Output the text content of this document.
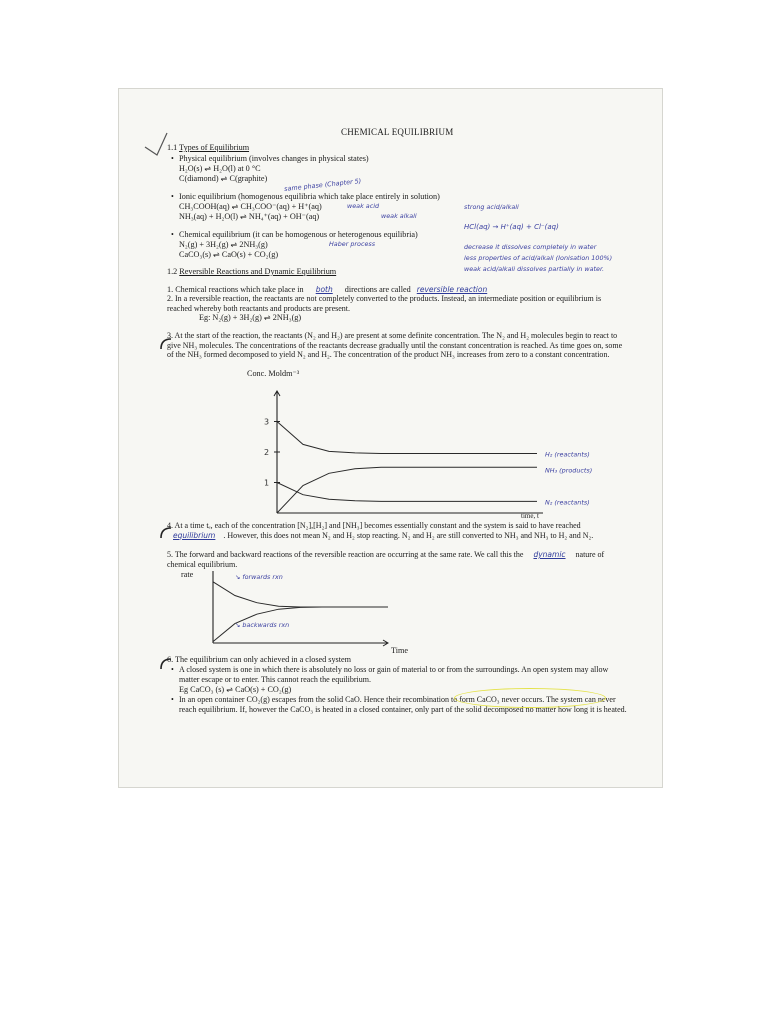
CHEMICAL EQUILIBRIUM
1.1 Types of Equilibrium
• Physical equilibrium (involves changes in physical states)
H₂O(s) ⇌ H₂O(l) at 0 °C
C(diamond) ⇌ C(graphite)	same phase (Chapter 5)
• Ionic equilibrium (homogenous equilibria which take place entirely in solution)
CH₃COOH(aq) ⇌ CH₃COO⁻(aq) + H⁺(aq)	weak acid
NH₃(aq) + H₂O(l) ⇌ NH₄⁺(aq) + OH⁻(aq)	weak alkali
strong acid/alkali
HCl(aq) → H⁺(aq) + Cl⁻(aq)
• Chemical equilibrium (it can be homogenous or heterogenous equilibria)
N₂(g) + 3H₂(g) ⇌ 2NH₃(g)	Haber process
CaCO₃(s) ⇌ CaO(s) + CO₂(g)
decrease it dissolves completely in water
less properties of acid/alkali (Ionisation 100%)
weak acid/alkali dissolves partially in water.
1.2 Reversible Reactions and Dynamic Equilibrium
1. Chemical reactions which take place in both directions are called reversible reaction
2. In a reversible reaction, the reactants are not completely converted to the products. Instead, an intermediate position or equilibrium is reached whereby both reactants and products are present.
Eg: N₂(g) + 3H₂(g) ⇌ 2NH₃(g)
3. At the start of the reaction, the reactants (N₂ and H₂) are present at some definite concentration. The N₂ and H₂ molecules begin to react to give NH₃ molecules. The concentrations of the reactants decrease gradually until the constant concentration is reached. As time goes on, some of the NH₃ formed decomposed to yield N₂ and H₂. The concentration of the product NH₃ increases from zero to a constant concentration.
Conc. Moldm⁻³
3
2
1
H₂ (reactants)
NH₃ (products)
N₂ (reactants)
time, t
4. At a time tₑ, each of the concentration [N₂],[H₂] and [NH₃] becomes essentially constant and the system is said to have reached equilibrium . However, this does not mean N₂ and H₂ stop reacting. N₂ and H₂ are still converted to NH₃ and NH₃ to H₂ and N₂.
5. The forward and backward reactions of the reversible reaction are occurring at the same rate. We call this the dynamic nature of chemical equilibrium.
rate	↘ forwards rxn
↘ backwards rxn
Time
6. The equilibrium can only achieved in a closed system
• A closed system is one in which there is absolutely no loss or gain of material to or from the surroundings. An open system may allow matter escape or to enter. This cannot reach the equilibrium.
Eg CaCO₃ (s) ⇌ CaO(s) + CO₂(g)
• In an open container CO₂(g) escapes from the solid CaO. Hence their recombination to form CaCO₃ never occurs. The system can never reach equilibrium. If, however the CaCO₃ is heated in a closed container, only part of the solid decomposed no matter how long it is heated.
